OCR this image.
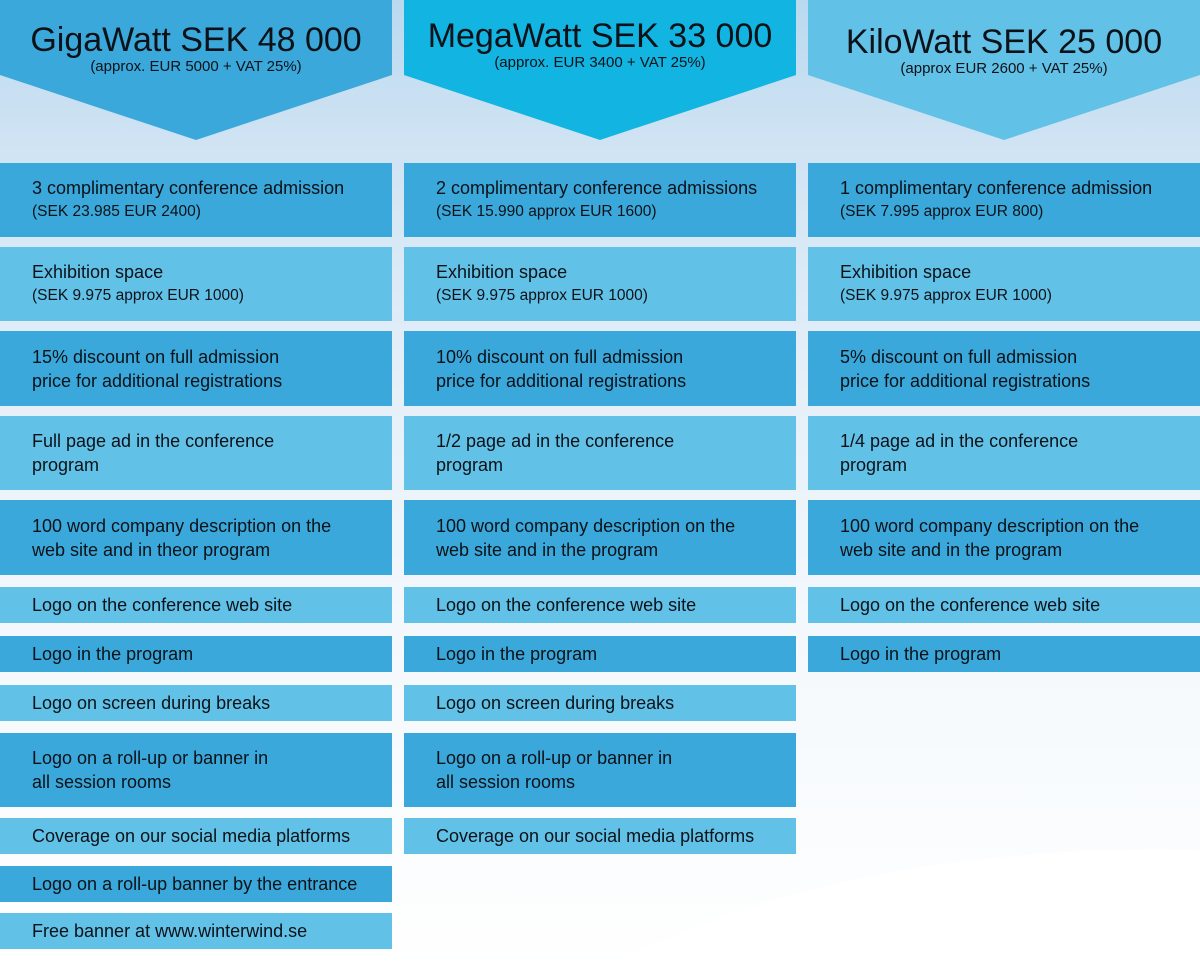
GigaWatt SEK 48 000
(approx. EUR 5000 + VAT 25%)
3 complimentary conference admission
(SEK 23.985 EUR 2400)
Exhibition space
(SEK 9.975 approx EUR 1000)
15% discount on full admission
price for additional registrations
Full page ad in the conference
program
100 word company description on the
web site and in theor program
Logo on the conference web site
Logo in the program
Logo on screen during breaks
Logo on a roll-up or banner in
all session rooms
Coverage on our social media platforms
Logo on a roll-up banner by the entrance
Free banner at www.winterwind.se
MegaWatt SEK 33 000
(approx. EUR 3400 + VAT 25%)
2 complimentary conference admissions
(SEK 15.990 approx EUR 1600)
Exhibition space
(SEK 9.975 approx EUR 1000)
10% discount on full admission
price for additional registrations
1/2 page ad in the conference
program
100 word company description on the
web site and in the program
Logo on the conference web site
Logo in the program
Logo on screen during breaks
Logo on a roll-up or banner in
all session rooms
Coverage on our social media platforms
KiloWatt SEK 25 000
(approx EUR 2600 + VAT 25%)
1 complimentary conference admission
(SEK 7.995 approx EUR 800)
Exhibition space
(SEK 9.975 approx EUR 1000)
5% discount on full admission
price for additional registrations
1/4 page ad in the conference
program
100 word company description on the
web site and in the program
Logo on the conference web site
Logo in the program
